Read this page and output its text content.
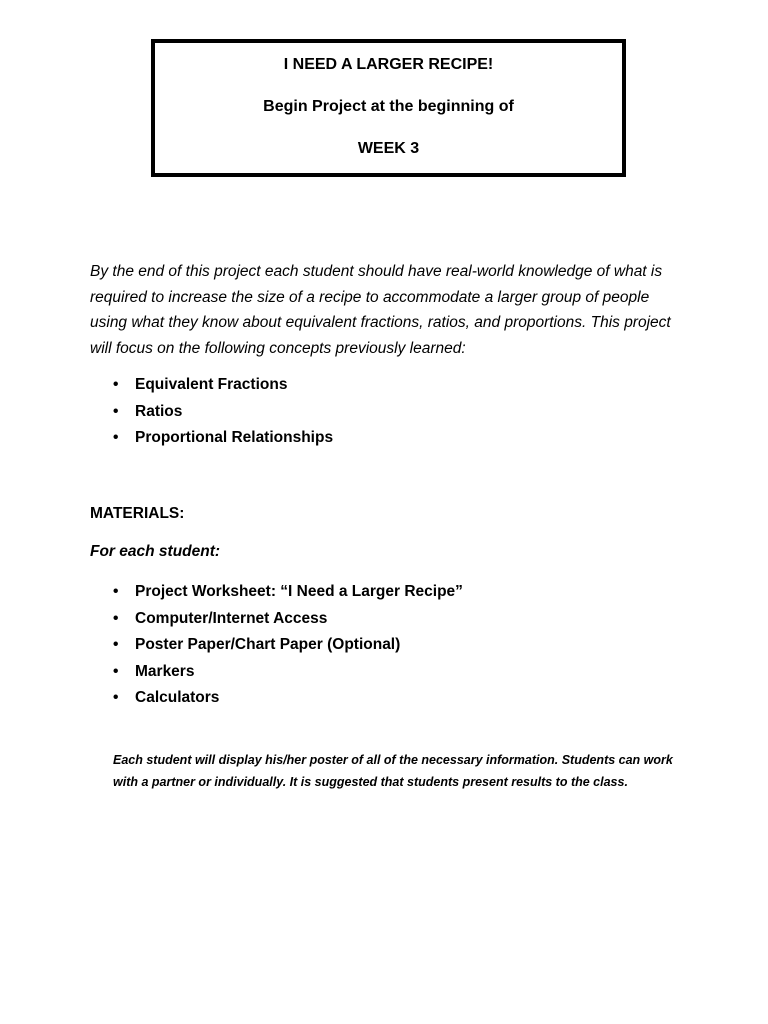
I NEED A LARGER RECIPE!

Begin Project at the beginning of

WEEK 3

By the end of this project each student should have real-world knowledge of what is required to increase the size of a recipe to accommodate a larger group of people using what they know about equivalent fractions, ratios, and proportions. This project will focus on the following concepts previously learned:

• Equivalent Fractions
• Ratios
• Proportional Relationships

MATERIALS:

For each student:

• Project Worksheet: “I Need a Larger Recipe”
• Computer/Internet Access
• Poster Paper/Chart Paper (Optional)
• Markers
• Calculators

Each student will display his/her poster of all of the necessary information. Students can work with a partner or individually. It is suggested that students present results to the class.
